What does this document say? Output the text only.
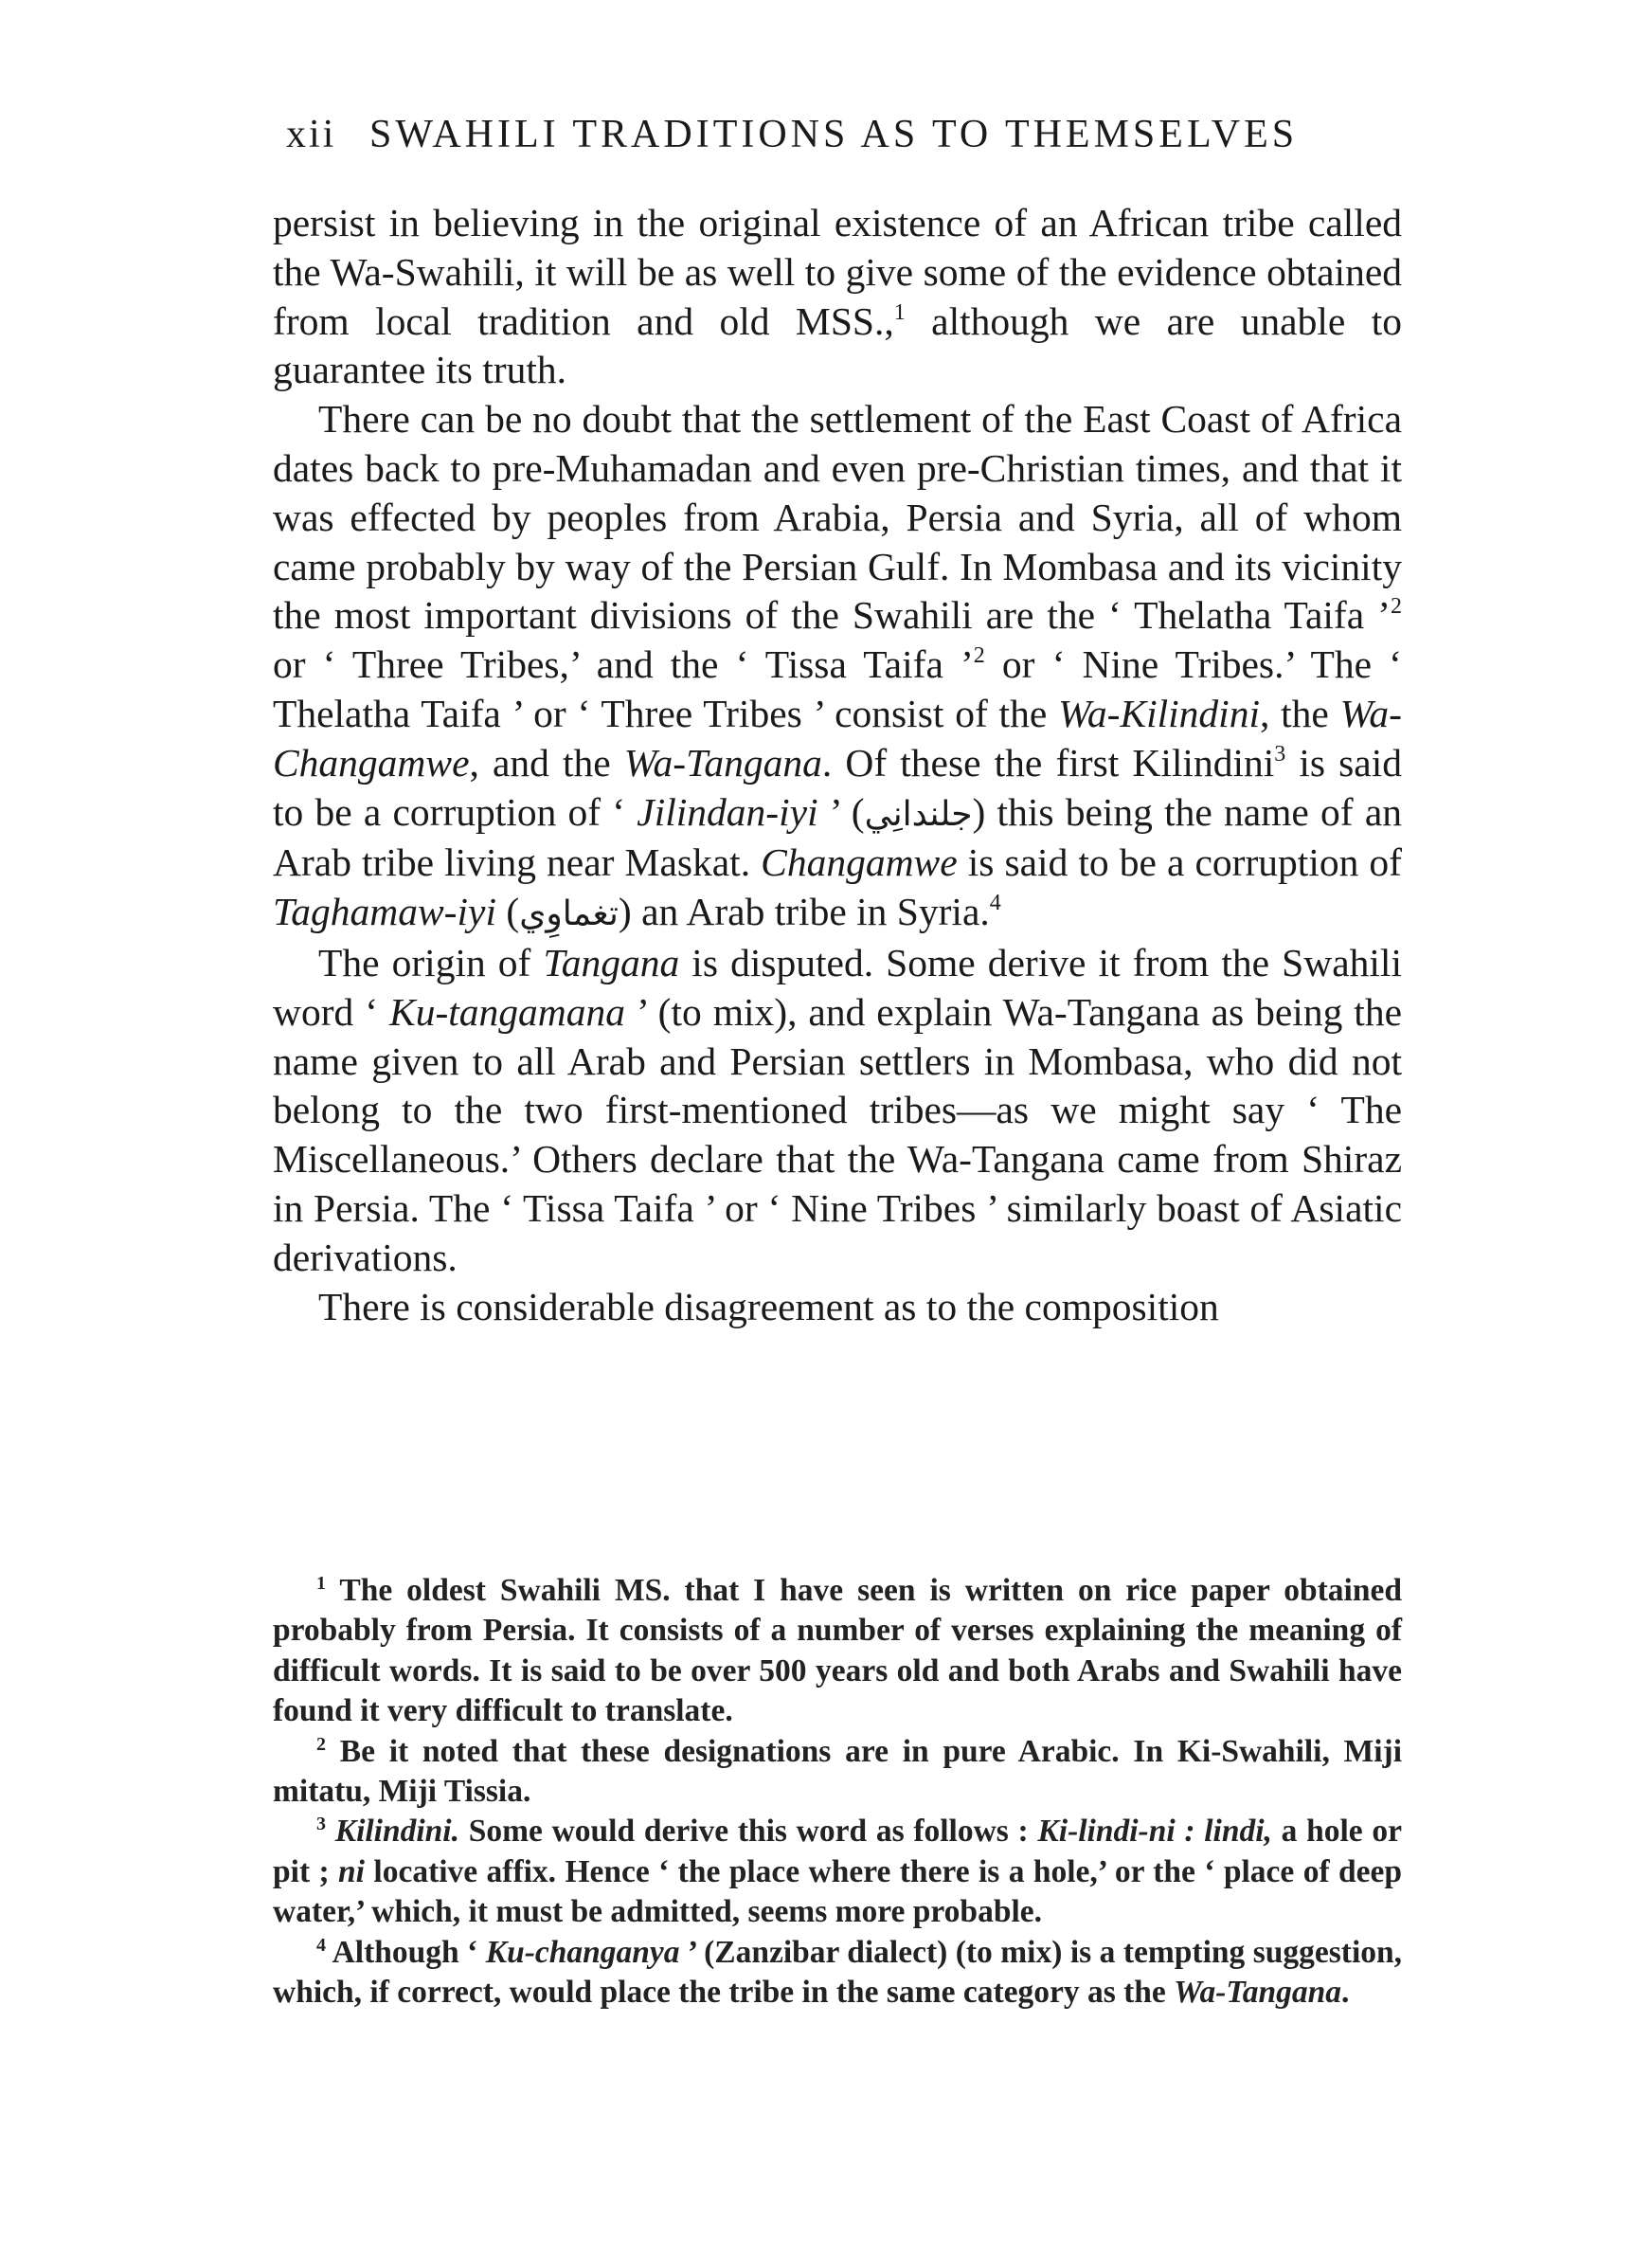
xii SWAHILI TRADITIONS AS TO THEMSELVES

persist in believing in the original existence of an African tribe called the Wa-Swahili, it will be as well to give some of the evidence obtained from local tradition and old MSS.,$^1$ although we are unable to guarantee its truth.

There can be no doubt that the settlement of the East Coast of Africa dates back to pre-Muhamadan and even pre-Christian times, and that it was effected by peoples from Arabia, Persia and Syria, all of whom came probably by way of the Persian Gulf. In Mombasa and its vicinity the most important divisions of the Swahili are the ‘ Thelatha Taifa ’$^2$ or ‘ Three Tribes,’ and the ‘ Tissa Taifa ’$^2$ or ‘ Nine Tribes.’ The ‘ Thelatha Taifa ’ or ‘ Three Tribes ’ consist of the Wa-Kilindini, the Wa-Changamwe, and the Wa-Tangana. Of these the first Kilindini$^3$ is said to be a corruption of ‘ Jilindan-iyi ’ (جلندانِي) this being the name of an Arab tribe living near Maskat. Changamwe is said to be a corruption of Taghamaw-iyi (تغماوِي) an Arab tribe in Syria.$^4$

The origin of Tangana is disputed. Some derive it from the Swahili word ‘ Ku-tangamana ’ (to mix), and explain Wa-Tangana as being the name given to all Arab and Persian settlers in Mombasa, who did not belong to the two first-mentioned tribes—as we might say ‘ The Miscellaneous.’ Others declare that the Wa-Tangana came from Shiraz in Persia. The ‘ Tissa Taifa ’ or ‘ Nine Tribes ’ similarly boast of Asiatic derivations.

There is considerable disagreement as to the composition

$^1$ The oldest Swahili MS. that I have seen is written on rice paper obtained probably from Persia. It consists of a number of verses explaining the meaning of difficult words. It is said to be over 500 years old and both Arabs and Swahili have found it very difficult to translate.

$^2$ Be it noted that these designations are in pure Arabic. In Ki-Swahili, Miji mitatu, Miji Tissia.

$^3$ Kilindini. Some would derive this word as follows : Ki-lindi-ni : lindi, a hole or pit ; ni locative affix. Hence ‘ the place where there is a hole,’ or the ‘ place of deep water,’ which, it must be admitted, seems more probable.

$^4$ Although ‘ Ku-changanya ’ (Zanzibar dialect) (to mix) is a tempting suggestion, which, if correct, would place the tribe in the same category as the Wa-Tangana.
